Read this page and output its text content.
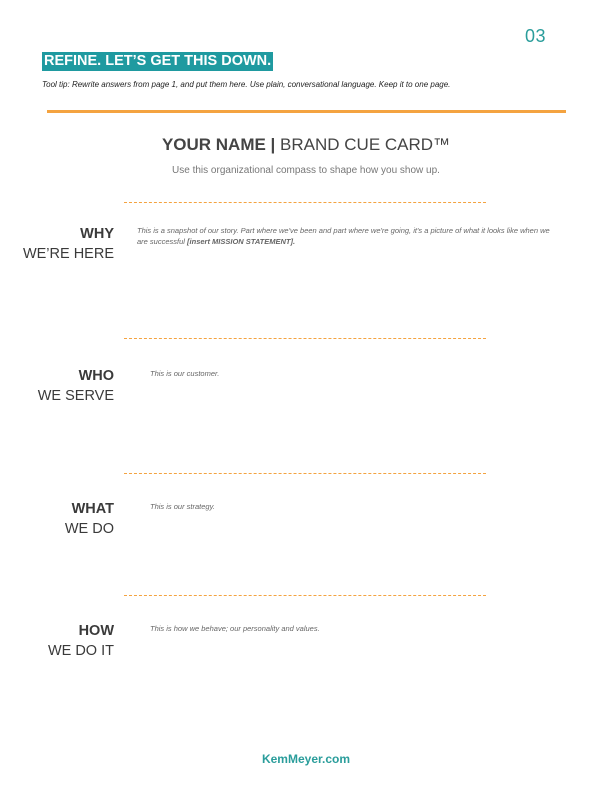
03
REFINE. LET’S GET THIS DOWN.
Tool tip: Rewrite answers from page 1, and put them here. Use plain, conversational language. Keep it to one page.
YOUR NAME | BRAND CUE CARD™
Use this organizational compass to shape how you show up.
WHY
WE’RE HERE
This is a snapshot of our story. Part where we've been and part where we're going, it's a picture of what it looks like when we are successful [insert MISSION STATEMENT].
WHO
WE SERVE
This is our customer.
WHAT
WE DO
This is our strategy.
HOW
WE DO IT
This is how we behave; our personality and values.
KemMeyer.com
